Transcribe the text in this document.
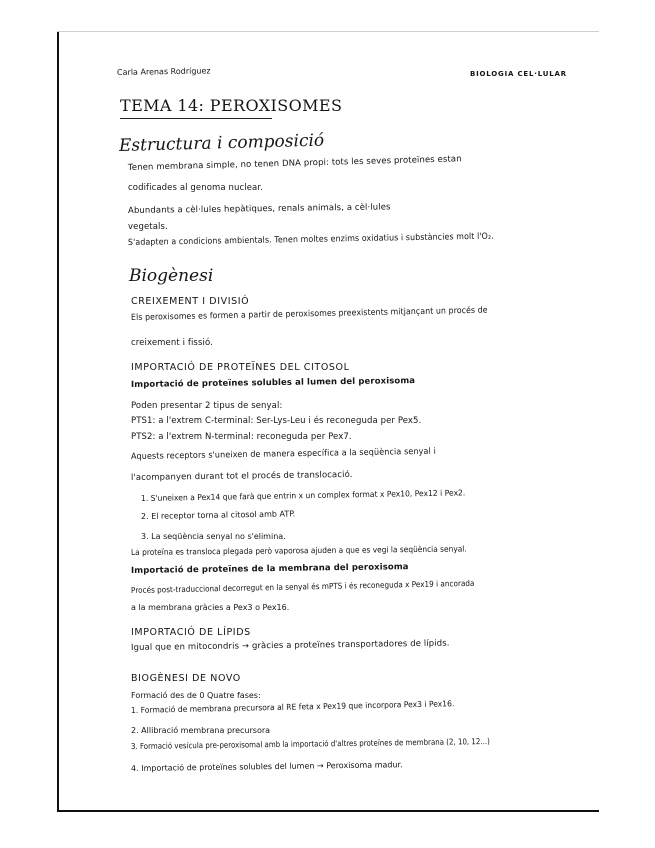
Carla Arenas Rodríguez	BIOLOGIA CEL·LULAR

TEMA 14: PEROXISOMES

Estructura i composició

Tenen membrana simple, no tenen DNA propi: tots les seves proteïnes estan

codificades al genoma nuclear.

Abundants a cèl·lules hepàtiques, renals animals, a cèl·lules

vegetals.

S'adapten a condicions ambientals. Tenen moltes enzims oxidatius i substàncies molt l'O₂.

Biogènesi

CREIXEMENT I DIVISIÓ

Els peroxisomes es formen a partir de peroxisomes preexistents mitjançant un procés de

creixement i fissió.

IMPORTACIÓ DE PROTEÏNES DEL CITOSOL

Importació de proteïnes solubles al lumen del peroxisoma

Poden presentar 2 tipus de senyal:

PTS1: a l'extrem C-terminal: Ser-Lys-Leu i és reconeguda per Pex5.

PTS2: a l'extrem N-terminal: reconeguda per Pex7.

Aquests receptors s'uneixen de manera específica a la seqüència senyal i

l'acompanyen durant tot el procés de translocació.

1. S'uneixen a Pex14 que farà que entrin x un complex format x Pex10, Pex12 i Pex2.

2. El receptor torna al citosol amb ATP.

3. La seqüència senyal no s'elimina.

La proteïna es transloca plegada però vaporosa ajuden a que es vegi la seqüència senyal.

Importació de proteïnes de la membrana del peroxisoma

Procés post-traduccional decorregut en la senyal és mPTS i és reconeguda x Pex19 i ancorada

a la membrana gràcies a Pex3 o Pex16.

IMPORTACIÓ DE LÍPIDS

Igual que en mitocondris → gràcies a proteïnes transportadores de lípids.

BIOGÈNESI DE NOVO

Formació des de 0 Quatre fases:

1. Formació de membrana precursora al RE feta x Pex19 que incorpora Pex3 i Pex16.

2. Allibració membrana precursora

3. Formació vesícula pre-peroxisomal amb la importació d'altres proteïnes de membrana (2, 10, 12...)

4. Importació de proteïnes solubles del lumen → Peroxisoma madur.
